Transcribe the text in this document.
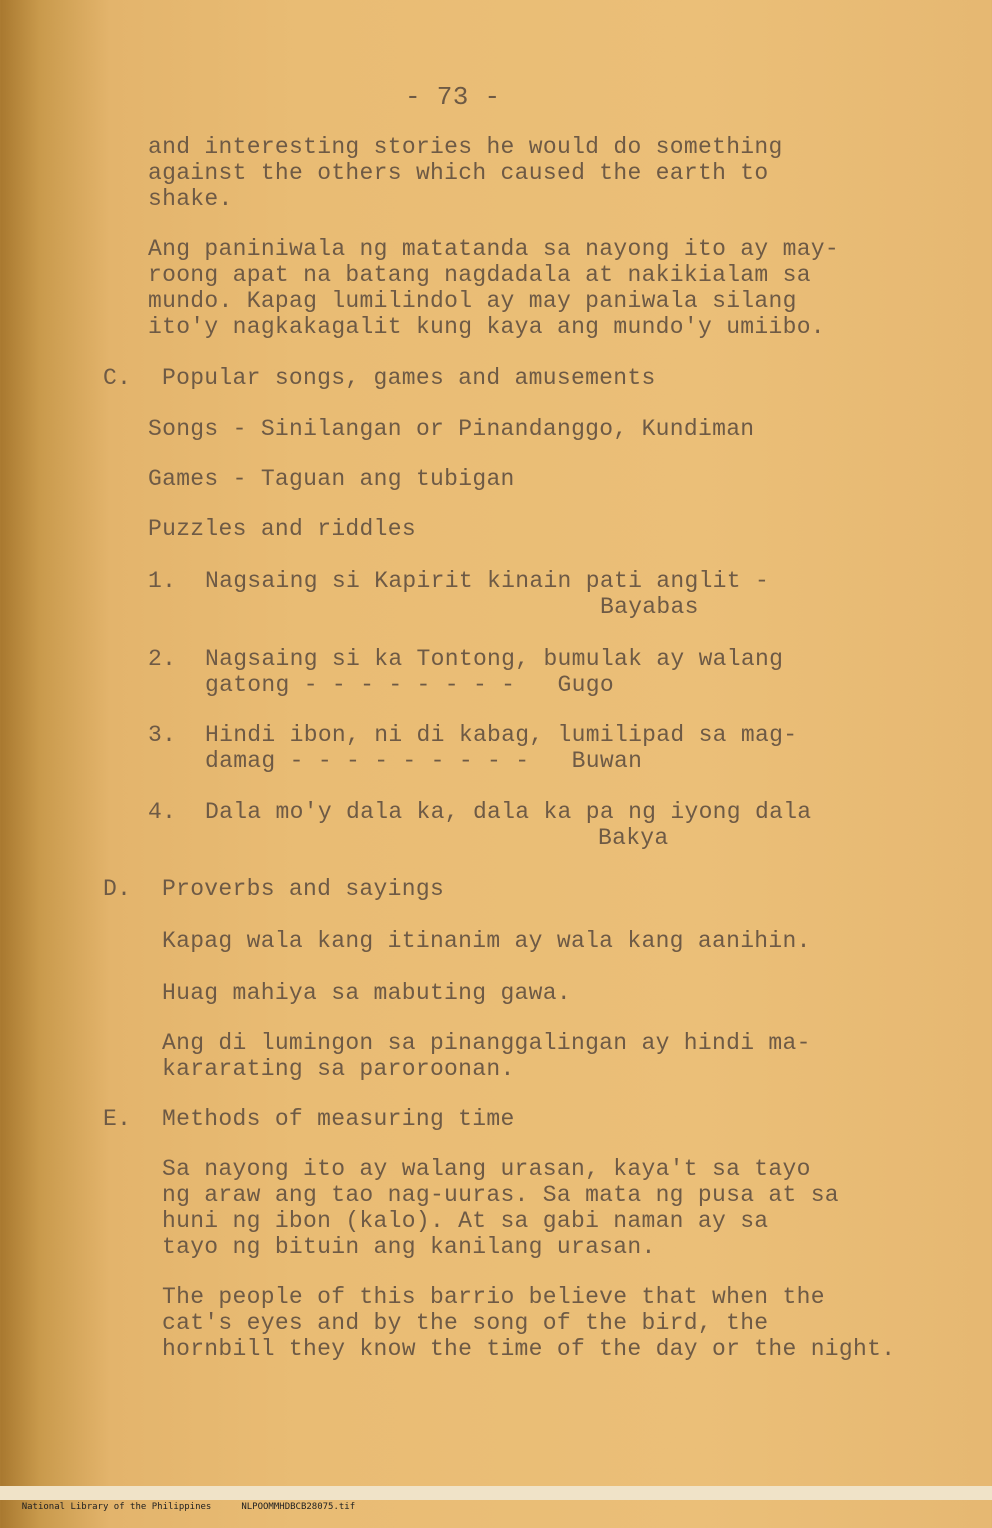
- 73 -
and interesting stories he would do something
against the others which caused the earth to
shake.
Ang paniniwala ng matatanda sa nayong ito ay may-
roong apat na batang nagdadala at nakikialam sa
mundo. Kapag lumilindol ay may paniwala silang
ito'y nagkakagalit kung kaya ang mundo'y umiibo.
C. Popular songs, games and amusements
Songs - Sinilangan or Pinandanggo, Kundiman
Games - Taguan ang tubigan
Puzzles and riddles
1. Nagsaing si Kapirit kinain pati anglit -
Bayabas
2. Nagsaing si ka Tontong, bumulak ay walang
gatong - - - - - - - -   Gugo
3. Hindi ibon, ni di kabag, lumilipad sa mag-
damag - - - - - - - - -   Buwan
4. Dala mo'y dala ka, dala ka pa ng iyong dala
Bakya
D. Proverbs and sayings
Kapag wala kang itinanim ay wala kang aanihin.
Huag mahiya sa mabuting gawa.
Ang di lumingon sa pinanggalingan ay hindi ma-
kararating sa paroroonan.
E. Methods of measuring time
Sa nayong ito ay walang urasan, kaya't sa tayo
ng araw ang tao nag-uuras. Sa mata ng pusa at sa
huni ng ibon (kalo). At sa gabi naman ay sa
tayo ng bituin ang kanilang urasan.
The people of this barrio believe that when the
cat's eyes and by the song of the bird, the
hornbill they know the time of the day or the night.

National Library of the Philippines	NLPOOMMHDBCB28075.tif
